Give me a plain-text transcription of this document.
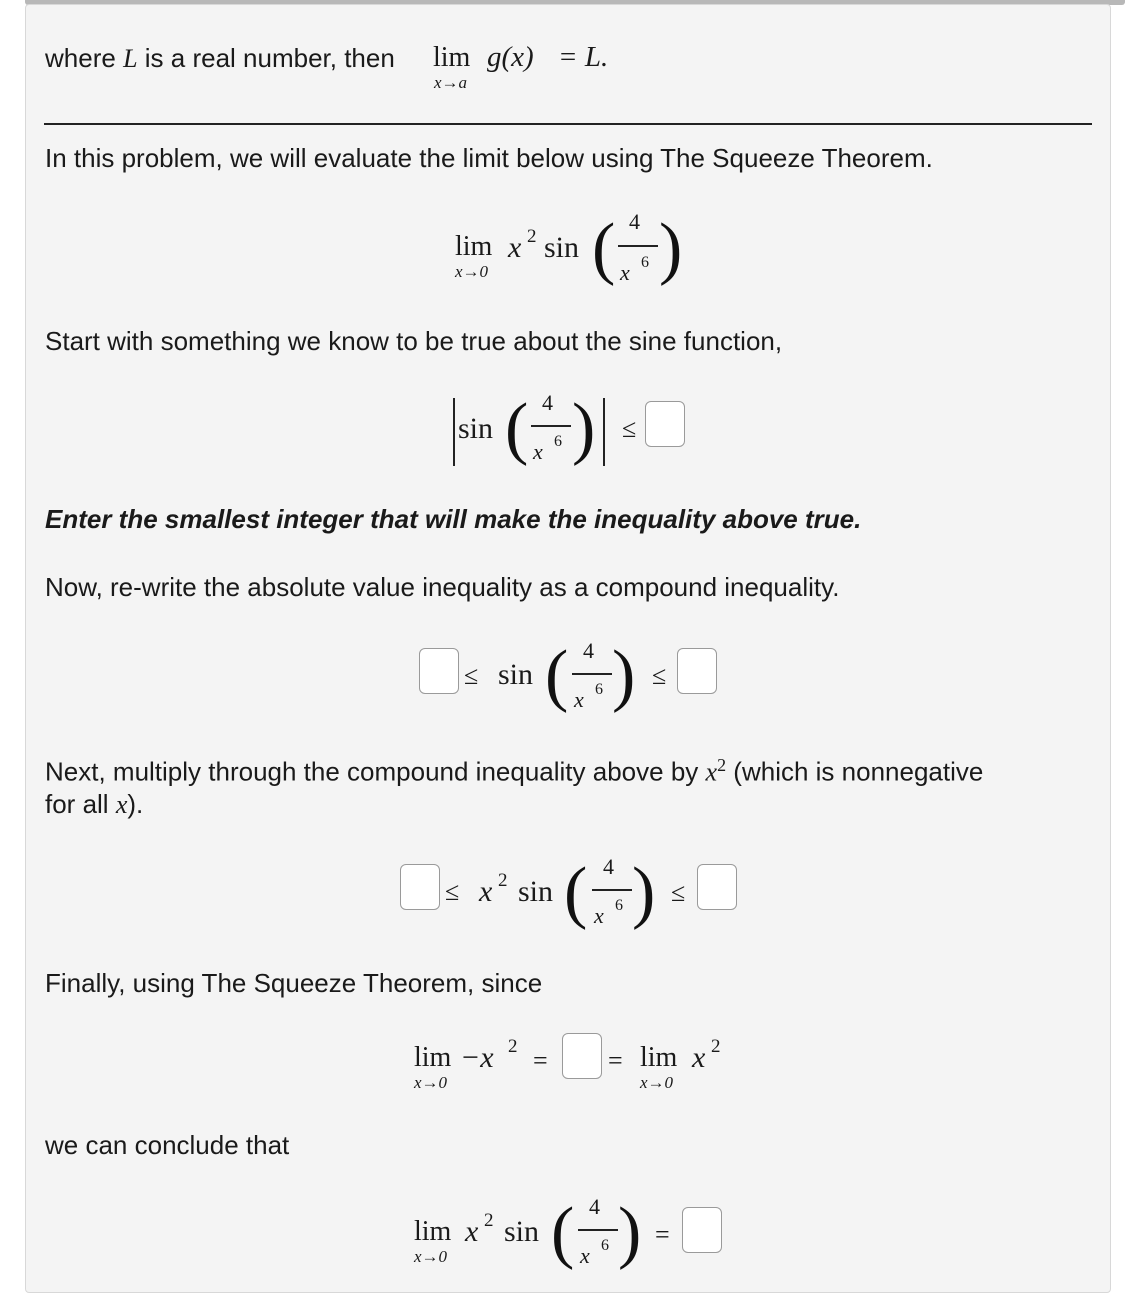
where L is a real number, then lim
x→a
g(x) = L.
In this problem, we will evaluate the limit below using The Squeeze Theorem.
lim
x→0
x 2 sin ( 4
x 6 )
Start with something we know to be true about the sine function,
sin ( 4
x 6 ) ≤
Enter the smallest integer that will make the inequality above true.
Now, re-write the absolute value inequality as a compound inequality.
≤ sin ( 4
x 6 ) ≤
Next, multiply through the compound inequality above by $x^2$ (which is nonnegative
for all x).
≤ x 2 sin ( 4
x 6 ) ≤
Finally, using The Squeeze Theorem, since
lim
x→0
−x 2 = = lim
x→0
x 2
we can conclude that
lim
x→0
x 2 sin ( 4
x 6 ) =
